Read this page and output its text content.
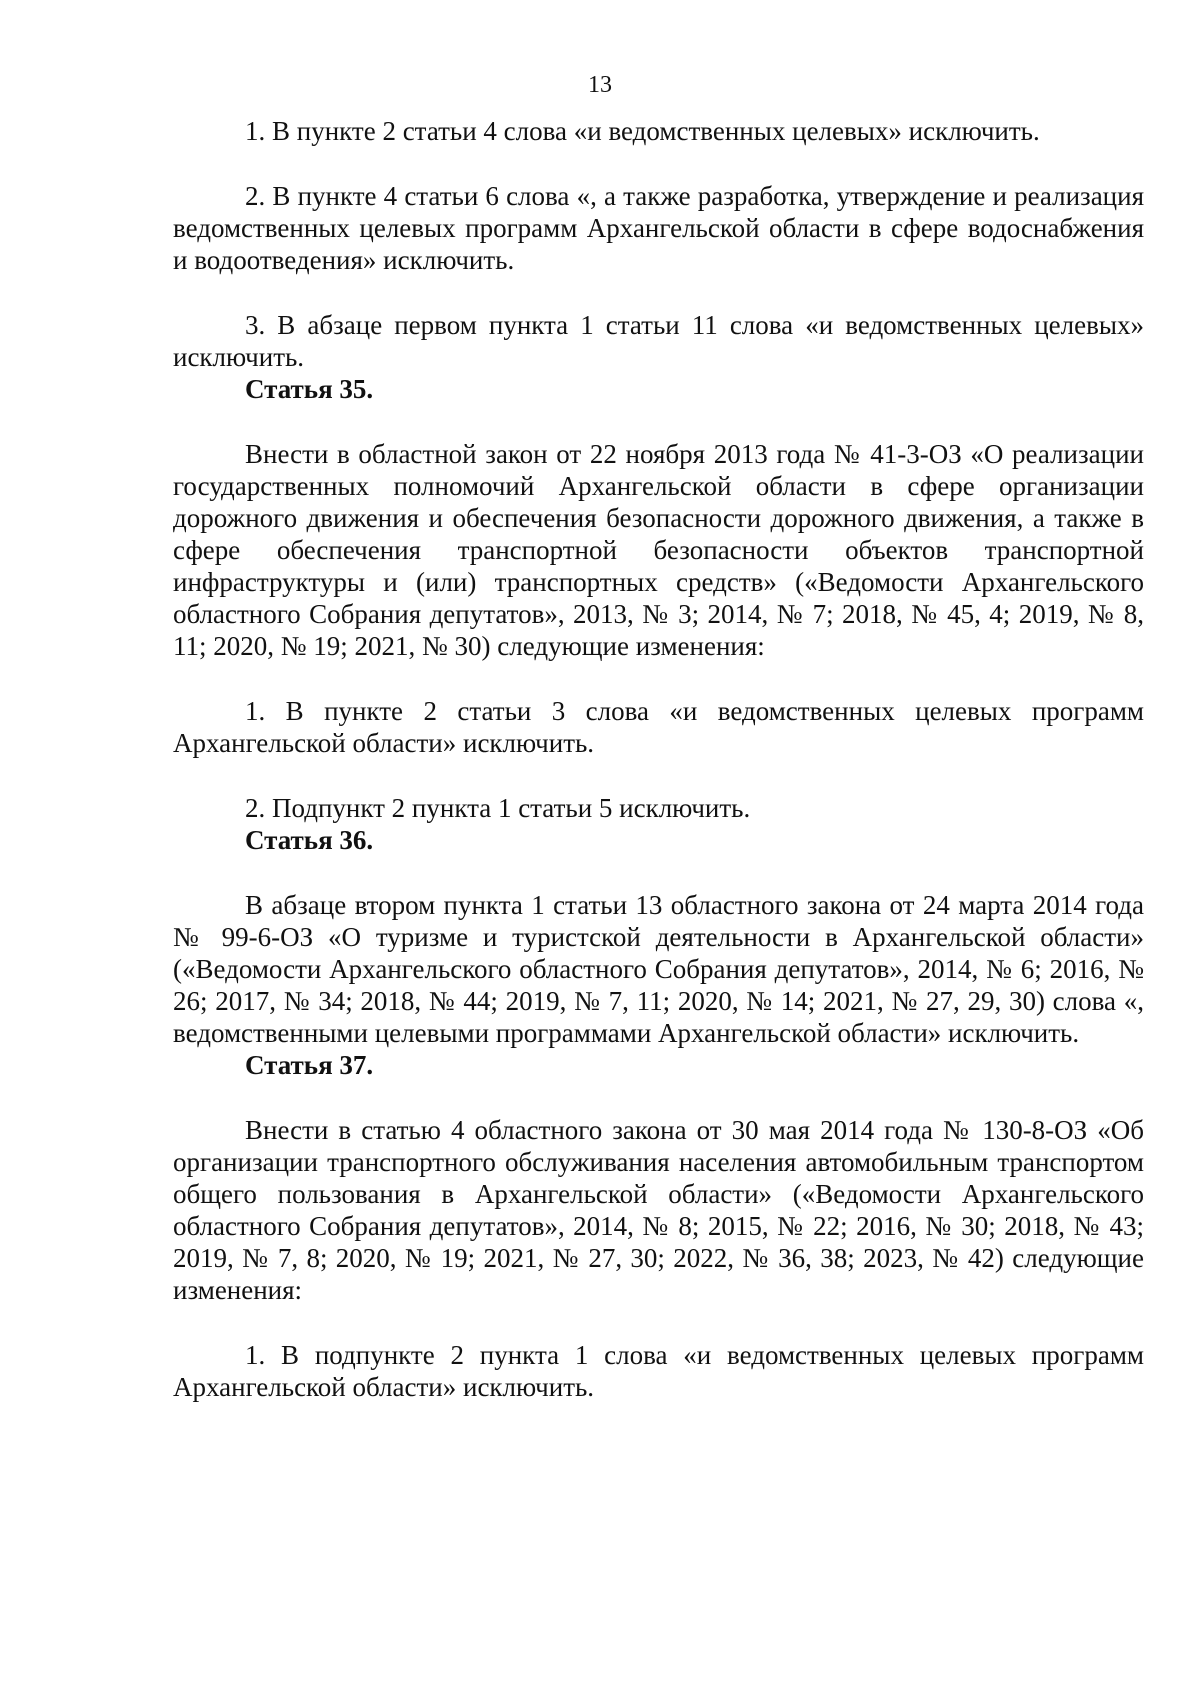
13

1. В пункте 2 статьи 4 слова «и ведомственных целевых» исключить.

2. В пункте 4 статьи 6 слова «, а также разработка, утверждение и реализация ведомственных целевых программ Архангельской области в сфере водоснабжения и водоотведения» исключить.

3. В абзаце первом пункта 1 статьи 11 слова «и ведомственных целевых» исключить.

Статья 35.

Внести в областной закон от 22 ноября 2013 года № 41-3-ОЗ «О реализации государственных полномочий Архангельской области в сфере организации дорожного движения и обеспечения безопасности дорожного движения, а также в сфере обеспечения транспортной безопасности объектов транспортной инфраструктуры и (или) транспортных средств» («Ведомости Архангельского областного Собрания депутатов», 2013, № 3; 2014, № 7; 2018, № 45, 4; 2019, № 8, 11; 2020, № 19; 2021, № 30) следующие изменения:

1. В пункте 2 статьи 3 слова «и ведомственных целевых программ Архангельской области» исключить.

2. Подпункт 2 пункта 1 статьи 5 исключить.

Статья 36.

В абзаце втором пункта 1 статьи 13 областного закона от 24 марта 2014 года № 99-6-ОЗ «О туризме и туристской деятельности в Архангельской области» («Ведомости Архангельского областного Собрания депутатов», 2014, № 6; 2016, № 26; 2017, № 34; 2018, № 44; 2019, № 7, 11; 2020, № 14; 2021, № 27, 29, 30) слова «, ведомственными целевыми программами Архангельской области» исключить.

Статья 37.

Внести в статью 4 областного закона от 30 мая 2014 года № 130-8-ОЗ «Об организации транспортного обслуживания населения автомобильным транспортом общего пользования в Архангельской области» («Ведомости Архангельского областного Собрания депутатов», 2014, № 8; 2015, № 22; 2016, № 30; 2018, № 43; 2019, № 7, 8; 2020, № 19; 2021, № 27, 30; 2022, № 36, 38; 2023, № 42) следующие изменения:

1. В подпункте 2 пункта 1 слова «и ведомственных целевых программ Архангельской области» исключить.
